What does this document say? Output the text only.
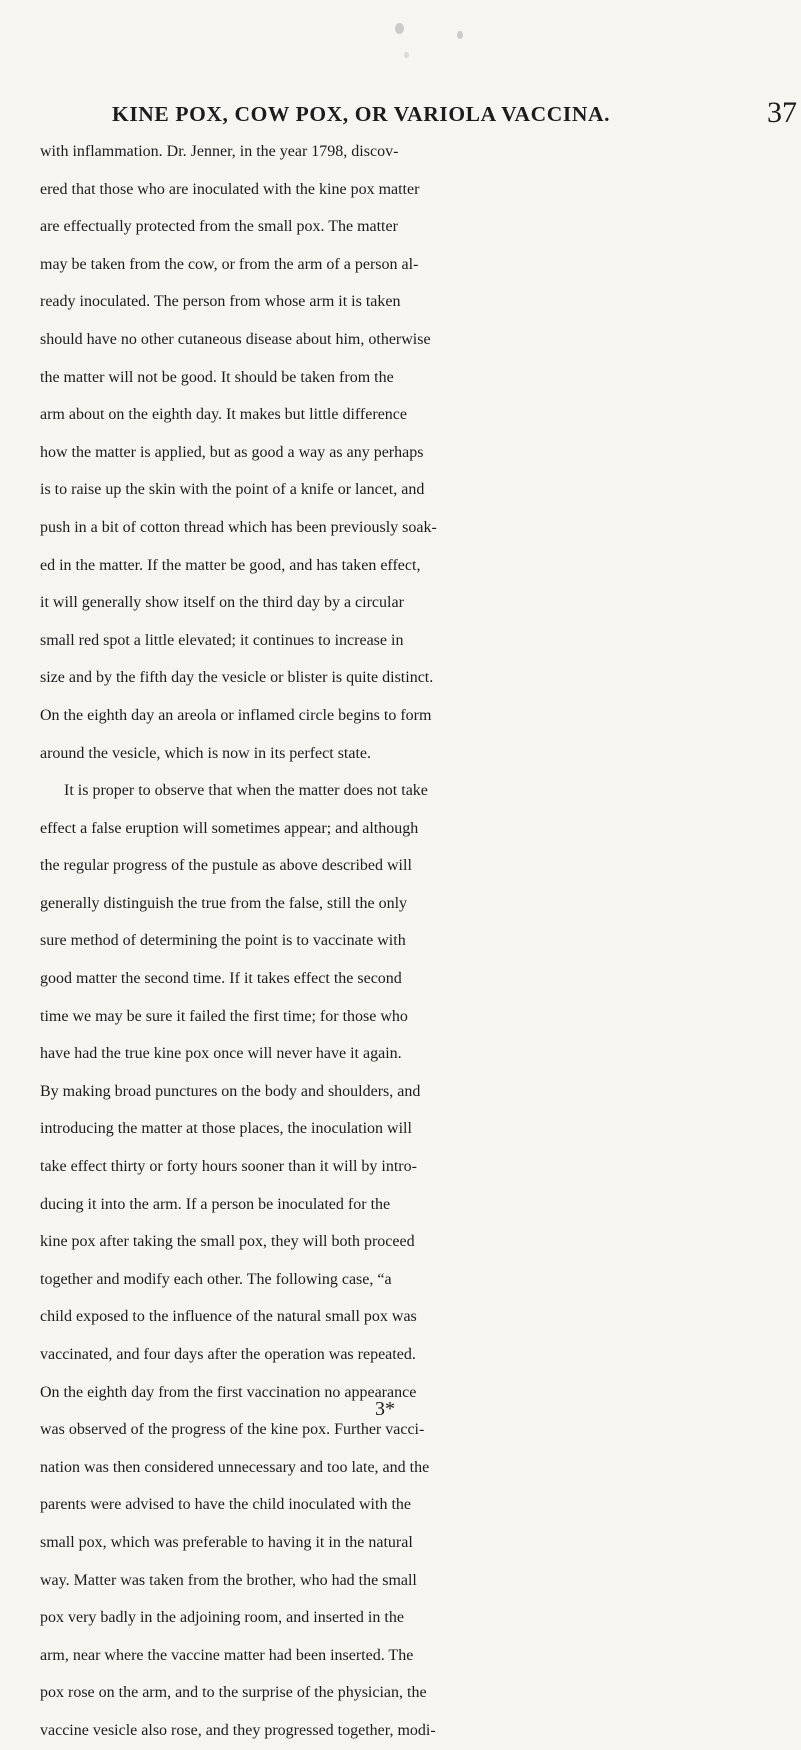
KINE POX, COW POX, OR VARIOLA VACCINA.	37
with inflammation. Dr. Jenner, in the year 1798, discov-
ered that those who are inoculated with the kine pox matter
are effectually protected from the small pox. The matter
may be taken from the cow, or from the arm of a person al-
ready inoculated. The person from whose arm it is taken
should have no other cutaneous disease about him, otherwise
the matter will not be good. It should be taken from the
arm about on the eighth day. It makes but little difference
how the matter is applied, but as good a way as any perhaps
is to raise up the skin with the point of a knife or lancet, and
push in a bit of cotton thread which has been previously soak-
ed in the matter. If the matter be good, and has taken effect,
it will generally show itself on the third day by a circular
small red spot a little elevated; it continues to increase in
size and by the fifth day the vesicle or blister is quite distinct.
On the eighth day an areola or inflamed circle begins to form
around the vesicle, which is now in its perfect state.
It is proper to observe that when the matter does not take
effect a false eruption will sometimes appear; and although
the regular progress of the pustule as above described will
generally distinguish the true from the false, still the only
sure method of determining the point is to vaccinate with
good matter the second time. If it takes effect the second
time we may be sure it failed the first time; for those who
have had the true kine pox once will never have it again.
By making broad punctures on the body and shoulders, and
introducing the matter at those places, the inoculation will
take effect thirty or forty hours sooner than it will by intro-
ducing it into the arm. If a person be inoculated for the
kine pox after taking the small pox, they will both proceed
together and modify each other. The following case, “a
child exposed to the influence of the natural small pox was
vaccinated, and four days after the operation was repeated.
On the eighth day from the first vaccination no appearance
was observed of the progress of the kine pox. Further vacci-
nation was then considered unnecessary and too late, and the
parents were advised to have the child inoculated with the
small pox, which was preferable to having it in the natural
way. Matter was taken from the brother, who had the small
pox very badly in the adjoining room, and inserted in the
arm, near where the vaccine matter had been inserted. The
pox rose on the arm, and to the surprise of the physician, the
vaccine vesicle also rose, and they progressed together, modi-
3*
